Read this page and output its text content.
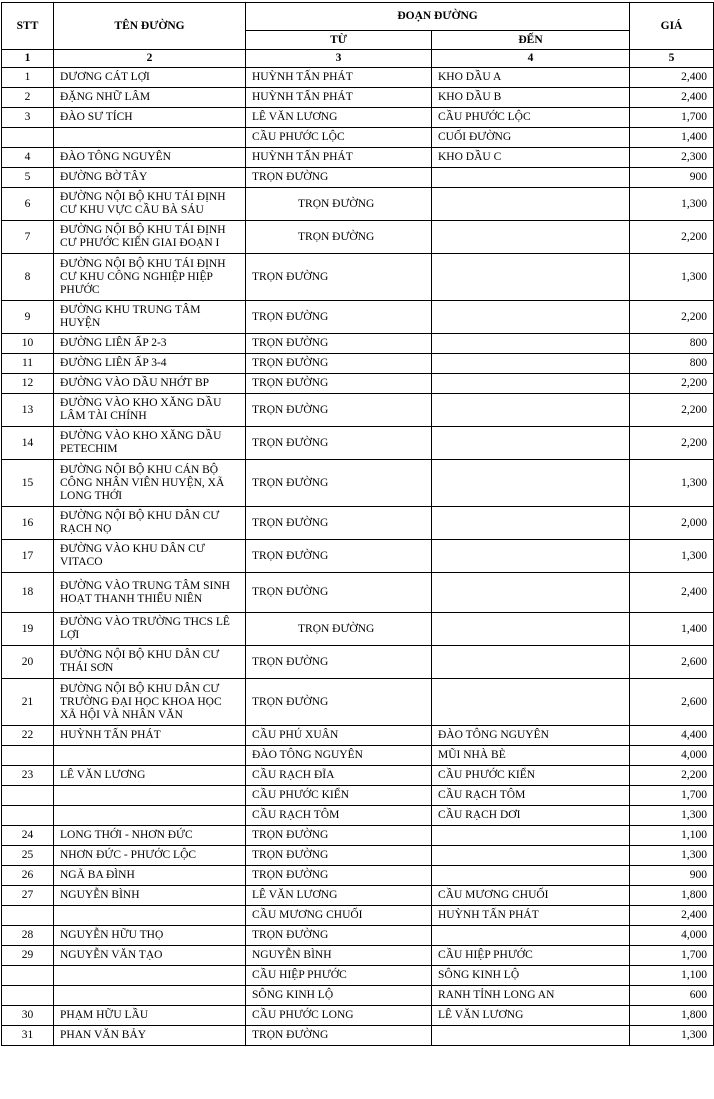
STT	TÊN ĐƯỜNG	ĐOẠN ĐƯỜNG		GIÁ
		TỪ	ĐẾN	
1	2	3	4	5
1	DƯƠNG CÁT LỢI	HUỲNH TẤN PHÁT	KHO DẦU A	2,400
2	ĐẶNG NHỮ LÂM	HUỲNH TẤN PHÁT	KHO DẦU B	2,400
3	ĐÀO SƯ TÍCH	LÊ VĂN LƯƠNG	CẦU PHƯỚC LỘC	1,700
		CẦU PHƯỚC LỘC	CUỐI ĐƯỜNG	1,400
4	ĐÀO TÔNG NGUYÊN	HUỲNH TẤN PHÁT	KHO DẦU C	2,300
5	ĐƯỜNG BỜ TÂY	TRỌN ĐƯỜNG		900
6	ĐƯỜNG NỘI BỘ KHU TÁI ĐỊNH CƯ KHU VỰC CẦU BÀ SÁU	TRỌN ĐƯỜNG		1,300
7	ĐƯỜNG NỘI BỘ KHU TÁI ĐỊNH CƯ PHƯỚC KIỂN GIAI ĐOẠN I	TRỌN ĐƯỜNG		2,200
8	ĐƯỜNG NỘI BỘ KHU TÁI ĐỊNH CƯ KHU CÔNG NGHIỆP HIỆP PHƯỚC	TRỌN ĐƯỜNG		1,300
9	ĐƯỜNG KHU TRUNG TÂM HUYỆN	TRỌN ĐƯỜNG		2,200
10	ĐƯỜNG LIÊN ẤP 2-3	TRỌN ĐƯỜNG		800
11	ĐƯỜNG LIÊN ẤP 3-4	TRỌN ĐƯỜNG		800
12	ĐƯỜNG VÀO DẦU NHỚT BP	TRỌN ĐƯỜNG		2,200
13	ĐƯỜNG VÀO KHO XĂNG DẦU LÂM TÀI CHÍNH	TRỌN ĐƯỜNG		2,200
14	ĐƯỜNG VÀO KHO XĂNG DẦU PETECHIM	TRỌN ĐƯỜNG		2,200
15	ĐƯỜNG NỘI BỘ KHU CÁN BỘ CÔNG NHÂN VIÊN HUYỆN, XÃ LONG THỚI	TRỌN ĐƯỜNG		1,300
16	ĐƯỜNG NỘI BỘ KHU DÂN CƯ RẠCH NỌ	TRỌN ĐƯỜNG		2,000
17	ĐƯỜNG VÀO KHU DÂN CƯ VITACO	TRỌN ĐƯỜNG		1,300
18	ĐƯỜNG VÀO TRUNG TÂM SINH HOẠT THANH THIẾU NIÊN	TRỌN ĐƯỜNG		2,400
19	ĐƯỜNG VÀO TRƯỜNG THCS LÊ LỢI	TRỌN ĐƯỜNG		1,400
20	ĐƯỜNG NỘI BỘ KHU DÂN CƯ THÁI SƠN	TRỌN ĐƯỜNG		2,600
21	ĐƯỜNG NỘI BỘ KHU DÂN CƯ TRƯỜNG ĐẠI HỌC KHOA HỌC XÃ HỘI VÀ NHÂN VĂN	TRỌN ĐƯỜNG		2,600
22	HUỲNH TẤN PHÁT	CẦU PHÚ XUÂN	ĐÀO TÔNG NGUYÊN	4,400
		ĐÀO TÔNG NGUYÊN	MŨI NHÀ BÈ	4,000
23	LÊ VĂN LƯƠNG	CẦU RẠCH ĐĨA	CẦU PHƯỚC KIỂN	2,200
		CẦU PHƯỚC KIỂN	CẦU RẠCH TÔM	1,700
		CẦU RẠCH TÔM	CẦU RẠCH DƠI	1,300
24	LONG THỚI - NHƠN ĐỨC	TRỌN ĐƯỜNG		1,100
25	NHƠN ĐỨC - PHƯỚC LỘC	TRỌN ĐƯỜNG		1,300
26	NGÃ BA ĐÌNH	TRỌN ĐƯỜNG		900
27	NGUYỄN BÌNH	LÊ VĂN LƯƠNG	CẦU MƯƠNG CHUỐI	1,800
		CẦU MƯƠNG CHUỐI	HUỲNH TẤN PHÁT	2,400
28	NGUYỄN HỮU THỌ	TRỌN ĐƯỜNG		4,000
29	NGUYỄN VĂN TẠO	NGUYỄN BÌNH	CẦU HIỆP PHƯỚC	1,700
		CẦU HIỆP PHƯỚC	SÔNG KINH LỘ	1,100
		SÔNG KINH LỘ	RANH TỈNH LONG AN	600
30	PHẠM HỮU LẦU	CẦU PHƯỚC LONG	LÊ VĂN LƯƠNG	1,800
31	PHAN VĂN BẢY	TRỌN ĐƯỜNG		1,300
